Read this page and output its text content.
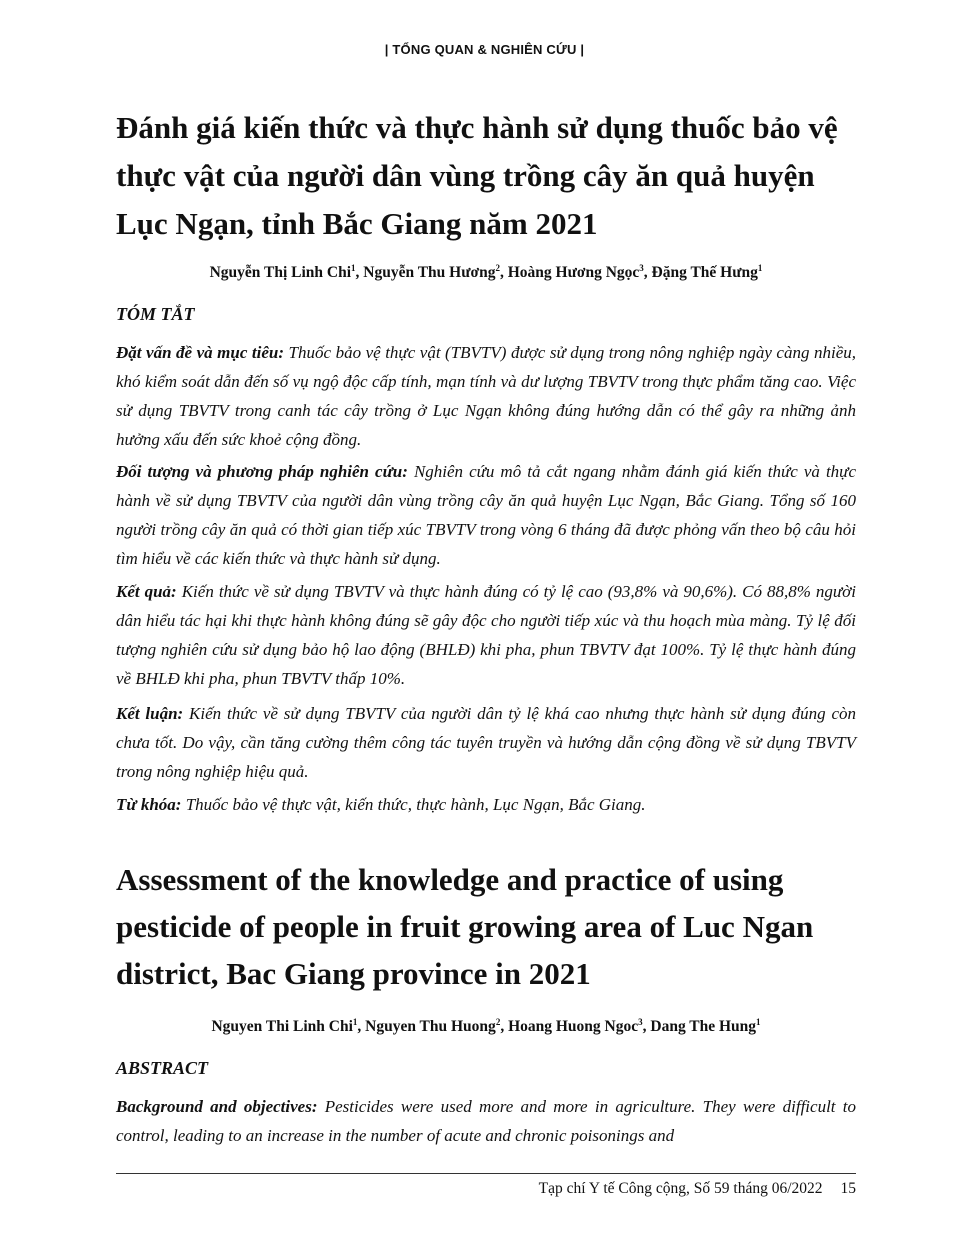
| TỔNG QUAN & NGHIÊN CỨU |
Đánh giá kiến thức và thực hành sử dụng thuốc bảo vệ thực vật của người dân vùng trồng cây ăn quả huyện Lục Ngạn, tỉnh Bắc Giang năm 2021

Nguyễn Thị Linh Chi$^1$, Nguyễn Thu Hương$^2$, Hoàng Hương Ngọc$^3$, Đặng Thế Hưng$^1$

TÓM TẮT

Đặt vấn đề và mục tiêu: Thuốc bảo vệ thực vật (TBVTV) được sử dụng trong nông nghiệp ngày càng nhiều, khó kiểm soát dẫn đến số vụ ngộ độc cấp tính, mạn tính và dư lượng TBVTV trong thực phẩm tăng cao. Việc sử dụng TBVTV trong canh tác cây trồng ở Lục Ngạn không đúng hướng dẫn có thể gây ra những ảnh hưởng xấu đến sức khoẻ cộng đồng.

Đối tượng và phương pháp nghiên cứu: Nghiên cứu mô tả cắt ngang nhằm đánh giá kiến thức và thực hành về sử dụng TBVTV của người dân vùng trồng cây ăn quả huyện Lục Ngạn, Bắc Giang. Tổng số 160 người trồng cây ăn quả có thời gian tiếp xúc TBVTV trong vòng 6 tháng đã được phỏng vấn theo bộ câu hỏi tìm hiểu về các kiến thức và thực hành sử dụng.

Kết quả: Kiến thức về sử dụng TBVTV và thực hành đúng có tỷ lệ cao (93,8% và 90,6%). Có 88,8% người dân hiểu tác hại khi thực hành không đúng sẽ gây độc cho người tiếp xúc và thu hoạch mùa màng. Tỷ lệ đối tượng nghiên cứu sử dụng bảo hộ lao động (BHLĐ) khi pha, phun TBVTV đạt 100%. Tỷ lệ thực hành đúng về BHLĐ khi pha, phun TBVTV thấp 10%.

Kết luận: Kiến thức về sử dụng TBVTV của người dân tỷ lệ khá cao nhưng thực hành sử dụng đúng còn chưa tốt. Do vậy, cần tăng cường thêm công tác tuyên truyền và hướng dẫn cộng đồng về sử dụng TBVTV trong nông nghiệp hiệu quả.

Từ khóa: Thuốc bảo vệ thực vật, kiến thức, thực hành, Lục Ngạn, Bắc Giang.

Assessment of the knowledge and practice of using pesticide of people in fruit growing area of Luc Ngan district, Bac Giang province in 2021

Nguyen Thi Linh Chi$^1$, Nguyen Thu Huong$^2$, Hoang Huong Ngoc$^3$, Dang The Hung$^1$

ABSTRACT

Background and objectives: Pesticides were used more and more in agriculture. They were difficult to control, leading to an increase in the number of acute and chronic poisonings and

Tạp chí Y tế Công cộng, Số 59 tháng 06/2022 15
